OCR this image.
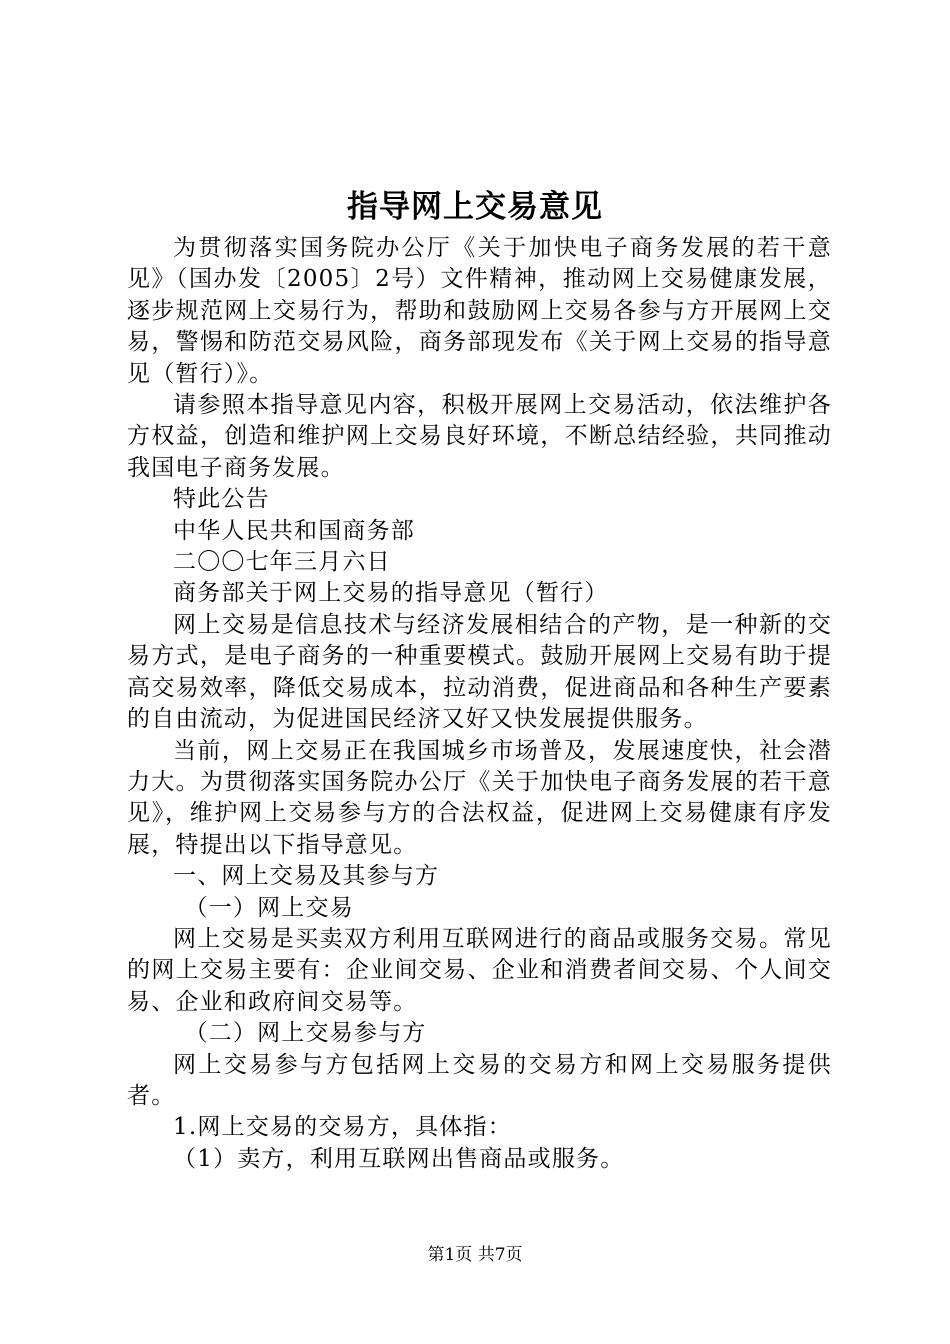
指导网上交易意见

为贯彻落实国务院办公厅《关于加快电子商务发展的若干意见》（国办发〔2005〕2号）文件精神，推动网上交易健康发展，逐步规范网上交易行为，帮助和鼓励网上交易各参与方开展网上交易，警惕和防范交易风险，商务部现发布《关于网上交易的指导意见（暂行）》。

请参照本指导意见内容，积极开展网上交易活动，依法维护各方权益，创造和维护网上交易良好环境，不断总结经验，共同推动我国电子商务发展。

特此公告

中华人民共和国商务部

二〇〇七年三月六日

商务部关于网上交易的指导意见（暂行）

网上交易是信息技术与经济发展相结合的产物，是一种新的交易方式，是电子商务的一种重要模式。鼓励开展网上交易有助于提高交易效率，降低交易成本，拉动消费，促进商品和各种生产要素的自由流动，为促进国民经济又好又快发展提供服务。

当前，网上交易正在我国城乡市场普及，发展速度快，社会潜力大。为贯彻落实国务院办公厅《关于加快电子商务发展的若干意见》，维护网上交易参与方的合法权益，促进网上交易健康有序发展，特提出以下指导意见。

一、网上交易及其参与方

（一）网上交易

网上交易是买卖双方利用互联网进行的商品或服务交易。常见的网上交易主要有：企业间交易、企业和消费者间交易、个人间交易、企业和政府间交易等。

（二）网上交易参与方

网上交易参与方包括网上交易的交易方和网上交易服务提供者。

1.网上交易的交易方，具体指：

（1）卖方，利用互联网出售商品或服务。

第1页 共7页
